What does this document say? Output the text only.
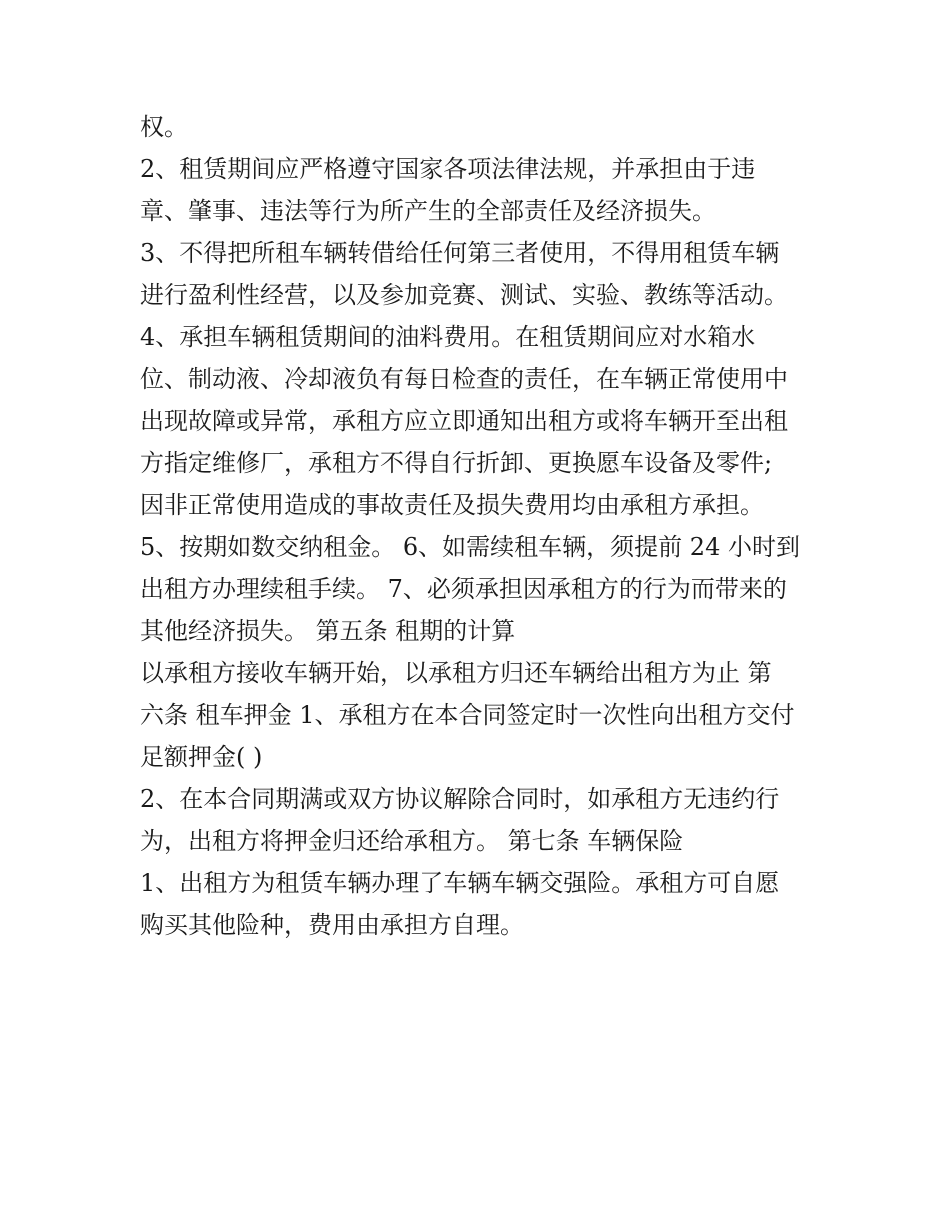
权。
2、租赁期间应严格遵守国家各项法律法规，并承担由于违
章、肇事、违法等行为所产生的全部责任及经济损失。
3、不得把所租车辆转借给任何第三者使用，不得用租赁车辆
进行盈利性经营，以及参加竞赛、测试、实验、教练等活动。
4、承担车辆租赁期间的油料费用。在租赁期间应对水箱水
位、制动液、冷却液负有每日检查的责任，在车辆正常使用中
出现故障或异常，承租方应立即通知出租方或将车辆开至出租
方指定维修厂，承租方不得自行折卸、更换愿车设备及零件;
因非正常使用造成的事故责任及损失费用均由承租方承担。
5、按期如数交纳租金。 6、如需续租车辆，须提前 24 小时到
出租方办理续租手续。 7、必须承担因承租方的行为而带来的
其他经济损失。 第五条 租期的计算
以承租方接收车辆开始，以承租方归还车辆给出租方为止 第
六条 租车押金 1、承租方在本合同签定时一次性向出租方交付
足额押金( )
2、在本合同期满或双方协议解除合同时，如承租方无违约行
为，出租方将押金归还给承租方。 第七条 车辆保险
1、出租方为租赁车辆办理了车辆车辆交强险。承租方可自愿
购买其他险种，费用由承担方自理。
